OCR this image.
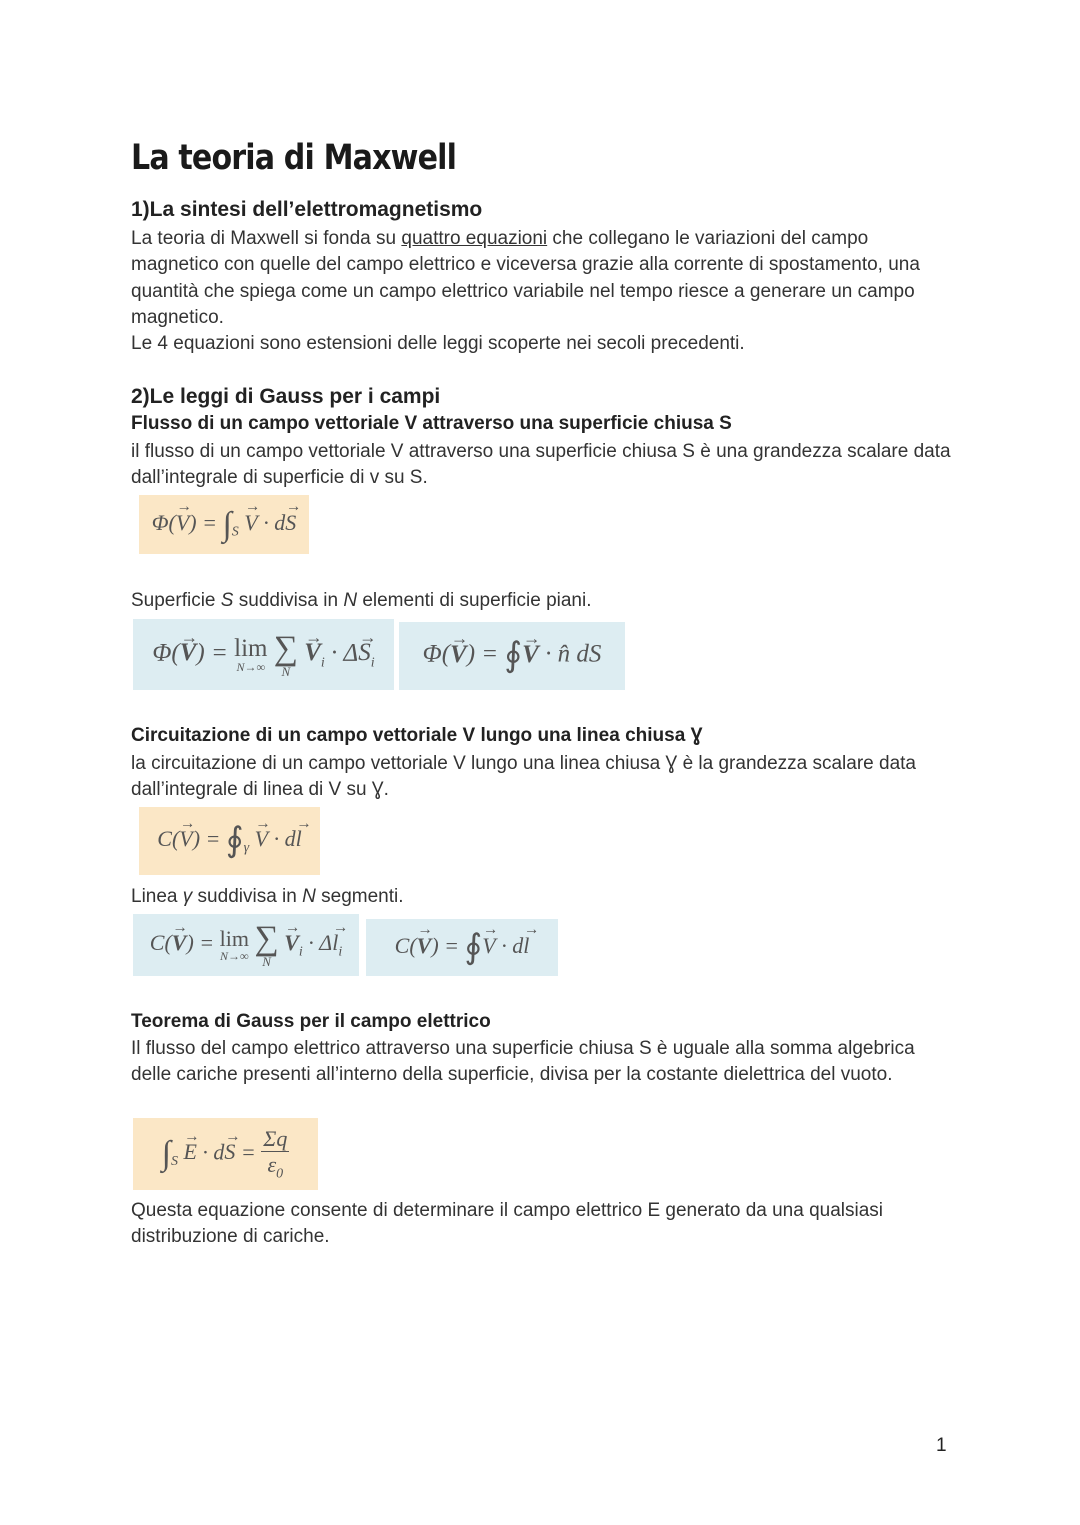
La teoria di Maxwell
1)La sintesi dell’elettromagnetismo

La teoria di Maxwell si fonda su quattro equazioni che collegano le variazioni del campo magnetico con quelle del campo elettrico e viceversa grazie alla corrente di spostamento, una quantità che spiega come un campo elettrico variabile nel tempo riesce a generare un campo magnetico.

Le 4 equazioni sono estensioni delle leggi scoperte nei secoli precedenti.

2)Le leggi di Gauss per i campi
Flusso di un campo vettoriale V attraverso una superficie chiusa S

il flusso di un campo vettoriale V attraverso una superficie chiusa S è una grandezza scalare data dall’integrale di superficie di v su S.

$\Phi(\to V) = \int_S \to V \cdot d\to S$

Superficie S suddivisa in N elementi di superficie piani.

Φ(→ V) = lim
N→∞

∑
N
→ $V_i \cdot \Delta\to S_i$ Φ(→ V) = ∮→ V · n̂ dS
Circuitazione di un campo vettoriale V lungo una linea chiusa Ɣ

la circuitazione di un campo vettoriale V lungo una linea chiusa Ɣ è la grandezza scalare data dall’integrale di linea di V su Ɣ.

$C(\to V) = ∮_\gamma \to V \cdot d\to l$

Linea γ suddivisa in N segmenti.

C(→ V) = lim
N→∞
∑
N
→ $V_i \cdot \Delta\to l_i$ C(→ V) = ∮→ V · d→ l
Teorema di Gauss per il campo elettrico

Il flusso del campo elettrico attraverso una superficie chiusa S è uguale alla somma algebrica delle cariche presenti all’interno della superficie, divisa per la costante dielettrica del vuoto.

$\int_S \to E \cdot d\to S = \frac{\Sigma q}{\varepsilon_0}$

Questa equazione consente di determinare il campo elettrico E generato da una qualsiasi distribuzione di cariche.

1
